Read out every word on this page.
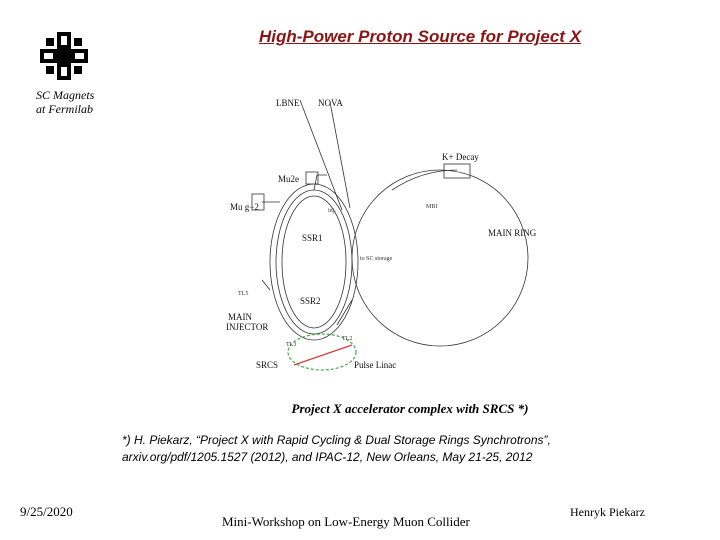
High-Power Proton Source for Project X
SC Magnets
at Fermilab	LBNE NOVA
Mu2e
Mu g−2
K+ Decay
MAIN RING
SSR1
SSR2
MAIN
INJECTOR
SRCS	Pulse Linac
TL2
TL3
TL5
MBI
to SC storage
inj.
Project X accelerator complex with SRCS *)
*) H. Piekarz, “Project X with Rapid Cycling & Dual Storage Rings Synchrotrons”,
arxiv.org/pdf/1205.1527 (2012), and IPAC-12, New Orleans, May 21-25, 2012
9/25/2020
Mini-Workshop on Low-Energy Muon Collider
Henryk Piekarz
